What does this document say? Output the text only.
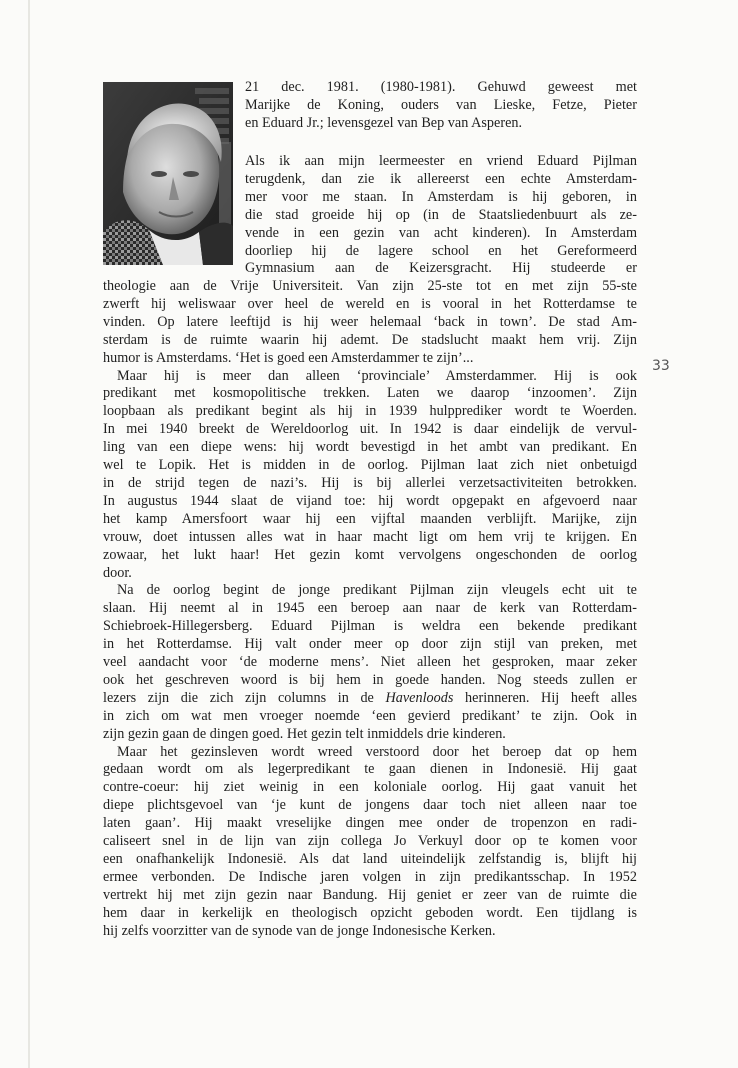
21 dec. 1981. (1980-1981). Gehuwd geweest met
Marijke de Koning, ouders van Lieske, Fetze, Pieter
en Eduard Jr.; levensgezel van Bep van Asperen.
Als ik aan mijn leermeester en vriend Eduard Pijlman
terugdenk, dan zie ik allereerst een echte Amsterdam-
mer voor me staan. In Amsterdam is hij geboren, in
die stad groeide hij op (in de Staatsliedenbuurt als ze-
vende in een gezin van acht kinderen). In Amsterdam
doorliep hij de lagere school en het Gereformeerd
Gymnasium aan de Keizersgracht. Hij studeerde er
theologie aan de Vrije Universiteit. Van zijn 25-ste tot en met zijn 55-ste
zwerft hij weliswaar over heel de wereld en is vooral in het Rotterdamse te
vinden. Op latere leeftijd is hij weer helemaal ‘back in town’. De stad Am-
sterdam is de ruimte waarin hij ademt. De stadslucht maakt hem vrij. Zijn
humor is Amsterdams. ‘Het is goed een Amsterdammer te zijn’...
Maar hij is meer dan alleen ‘provinciale’ Amsterdammer. Hij is ook
predikant met kosmopolitische trekken. Laten we daarop ‘inzoomen’. Zijn
loopbaan als predikant begint als hij in 1939 hulpprediker wordt te Woerden.
In mei 1940 breekt de Wereldoorlog uit. In 1942 is daar eindelijk de vervul-
ling van een diepe wens: hij wordt bevestigd in het ambt van predikant. En
wel te Lopik. Het is midden in de oorlog. Pijlman laat zich niet onbetuigd
in de strijd tegen de nazi’s. Hij is bij allerlei verzetsactiviteiten betrokken.
In augustus 1944 slaat de vijand toe: hij wordt opgepakt en afgevoerd naar
het kamp Amersfoort waar hij een vijftal maanden verblijft. Marijke, zijn
vrouw, doet intussen alles wat in haar macht ligt om hem vrij te krijgen. En
zowaar, het lukt haar! Het gezin komt vervolgens ongeschonden de oorlog
door.
Na de oorlog begint de jonge predikant Pijlman zijn vleugels echt uit te
slaan. Hij neemt al in 1945 een beroep aan naar de kerk van Rotterdam-
Schiebroek-Hillegersberg. Eduard Pijlman is weldra een bekende predikant
in het Rotterdamse. Hij valt onder meer op door zijn stijl van preken, met
veel aandacht voor ‘de moderne mens’. Niet alleen het gesproken, maar zeker
ook het geschreven woord is bij hem in goede handen. Nog steeds zullen er
lezers zijn die zich zijn columns in de Havenloods herinneren. Hij heeft alles
in zich om wat men vroeger noemde ‘een gevierd predikant’ te zijn. Ook in
zijn gezin gaan de dingen goed. Het gezin telt inmiddels drie kinderen.
Maar het gezinsleven wordt wreed verstoord door het beroep dat op hem
gedaan wordt om als legerpredikant te gaan dienen in Indonesië. Hij gaat
contre-coeur: hij ziet weinig in een koloniale oorlog. Hij gaat vanuit het
diepe plichtsgevoel van ‘je kunt de jongens daar toch niet alleen naar toe
laten gaan’. Hij maakt vreselijke dingen mee onder de tropenzon en radi-
caliseert snel in de lijn van zijn collega Jo Verkuyl door op te komen voor
een onafhankelijk Indonesië. Als dat land uiteindelijk zelfstandig is, blijft hij
ermee verbonden. De Indische jaren volgen in zijn predikantsschap. In 1952
vertrekt hij met zijn gezin naar Bandung. Hij geniet er zeer van de ruimte die
hem daar in kerkelijk en theologisch opzicht geboden wordt. Een tijdlang is
hij zelfs voorzitter van de synode van de jonge Indonesische Kerken.
33
